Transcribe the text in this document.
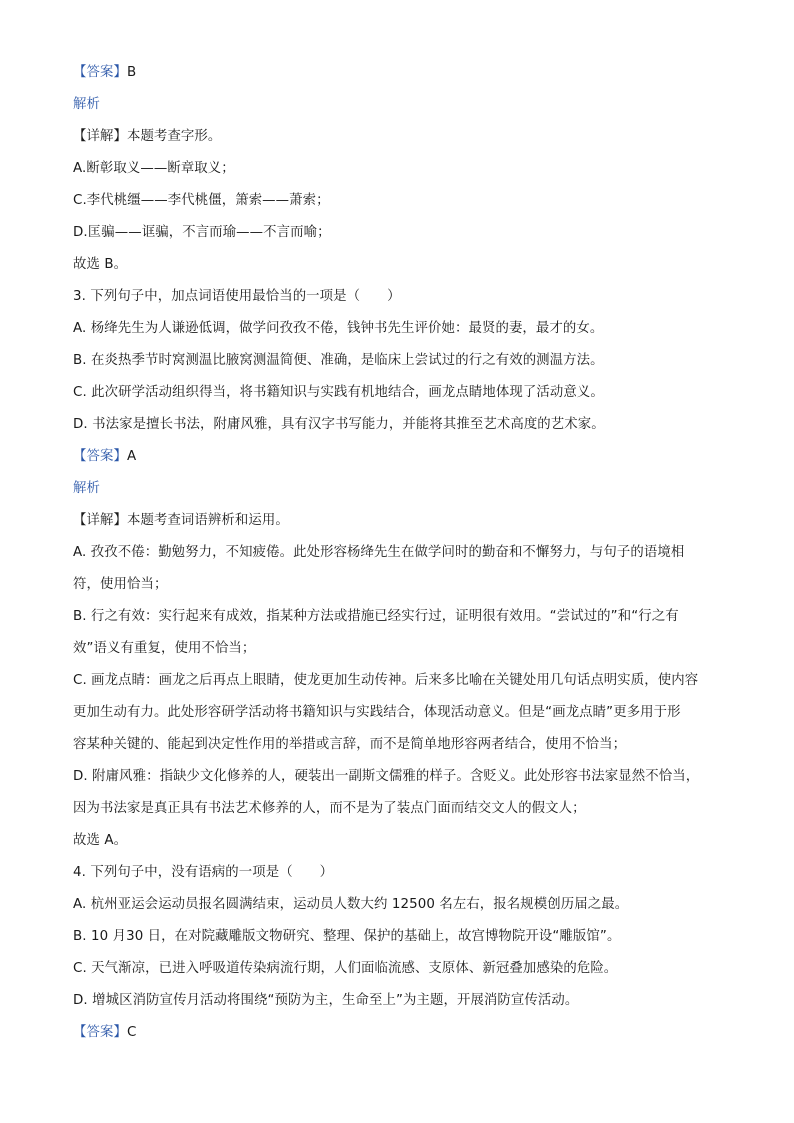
【答案】B
解析
【详解】本题考查字形。
A.断彰取义——断章取义；
C.李代桃缰——李代桃僵，箫索——萧索；
D.匡骗——诓骗，不言而瑜——不言而喻；
故选 B。
3. 下列句子中，加点词语使用最恰当的一项是（　　）
A. 杨绛先生为人谦逊低调，做学问孜孜不倦，钱钟书先生评价她：最贤的妻，最才的女。
B. 在炎热季节时窝测温比腋窝测温简便、准确，是临床上尝试过的行之有效的测温方法。
C. 此次研学活动组织得当，将书籍知识与实践有机地结合，画龙点睛地体现了活动意义。
D. 书法家是擅长书法，附庸风雅，具有汉字书写能力，并能将其推至艺术高度的艺术家。
【答案】A
解析
【详解】本题考查词语辨析和运用。
A. 孜孜不倦：勤勉努力，不知疲倦。此处形容杨绛先生在做学问时的勤奋和不懈努力，与句子的语境相
符，使用恰当；
B. 行之有效：实行起来有成效，指某种方法或措施已经实行过，证明很有效用。“尝试过的”和“行之有
效”语义有重复，使用不恰当；
C. 画龙点睛：画龙之后再点上眼睛，使龙更加生动传神。后来多比喻在关键处用几句话点明实质，使内容
更加生动有力。此处形容研学活动将书籍知识与实践结合，体现活动意义。但是“画龙点睛”更多用于形
容某种关键的、能起到决定性作用的举措或言辞，而不是简单地形容两者结合，使用不恰当；
D. 附庸风雅：指缺少文化修养的人，硬装出一副斯文儒雅的样子。含贬义。此处形容书法家显然不恰当，
因为书法家是真正具有书法艺术修养的人，而不是为了装点门面而结交文人的假文人；
故选 A。
4. 下列句子中，没有语病的一项是（　　）
A. 杭州亚运会运动员报名圆满结束，运动员人数大约 12500 名左右，报名规模创历届之最。
B. 10 月30 日，在对院藏雕版文物研究、整理、保护的基础上，故宫博物院开设“雕版馆”。
C. 天气渐凉，已进入呼吸道传染病流行期，人们面临流感、支原体、新冠叠加感染的危险。
D. 增城区消防宣传月活动将围绕“预防为主，生命至上”为主题，开展消防宣传活动。
【答案】C
